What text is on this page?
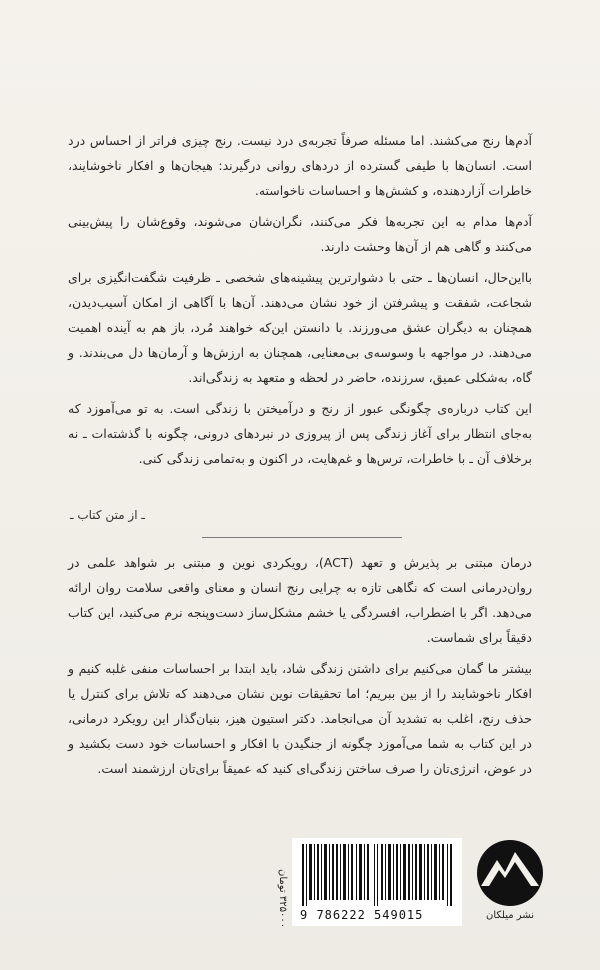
آدم‌ها رنج می‌کشند. اما مسئله صرفاً تجربه‌ی درد نیست. رنج چیزی فراتر از احساس درد است. انسان‌ها با طیفی گسترده از دردهای روانی درگیرند: هیجان‌ها و افکار ناخوشایند، خاطرات آزاردهنده، و کشش‌ها و احساسات ناخواسته.

آدم‌ها مدام به این تجربه‌ها فکر می‌کنند، نگران‌شان می‌شوند، وقوع‌شان را پیش‌بینی می‌کنند و گاهی هم از آن‌ها وحشت دارند.

بااین‌حال، انسان‌ها ـ حتی با دشوارترین پیشینه‌های شخصی ـ ظرفیت شگفت‌انگیزی برای شجاعت، شفقت و پیشرفتن از خود نشان می‌دهند. آن‌ها با آگاهی از امکان آسیب‌دیدن، همچنان به دیگران عشق می‌ورزند. با دانستن این‌که خواهند مُرد، باز هم به آینده اهمیت می‌دهند. در مواجهه با وسوسه‌ی بی‌معنایی، همچنان به ارزش‌ها و آرمان‌ها دل می‌بندند. و گاه، به‌شکلی عمیق، سرزنده، حاضر در لحظه و متعهد به زندگی‌اند.

این کتاب درباره‌ی چگونگی عبور از رنج و درآمیختن با زندگی است. به تو می‌آموزد که به‌جای انتظار برای آغاز زندگی پس از پیروزی در نبردهای درونی، چگونه با گذشته‌ات ـ نه برخلاف آن ـ با خاطرات، ترس‌ها و غم‌هایت، در اکنون و به‌تمامی زندگی کنی.

ـ از متن کتاب ـ

درمان مبتنی بر پذیرش و تعهد (ACT)، رویکردی نوین و مبتنی بر شواهد علمی در روان‌درمانی است که نگاهی تازه به چرایی رنج انسان و معنای واقعی سلامت روان ارائه می‌دهد. اگر با اضطراب، افسردگی یا خشم مشکل‌ساز دست‌وپنجه نرم می‌کنید، این کتاب دقیقاً برای شماست.

بیشتر ما گمان می‌کنیم برای داشتن زندگی شاد، باید ابتدا بر احساسات منفی غلبه کنیم و افکار ناخوشایند را از بین ببریم؛ اما تحقیقات نوین نشان می‌دهند که تلاش برای کنترل یا حذف رنج، اغلب به تشدید آن می‌انجامد. دکتر استیون هیز، بنیان‌گذار این رویکرد درمانی، در این کتاب به شما می‌آموزد چگونه از جنگیدن با افکار و احساسات خود دست بکشید و در عوض، انرژی‌تان را صرف ساختن زندگی‌ای کنید که عمیقاً برای‌تان ارزشمند است.

۳۲۵۰۰۰ تومان 9 786222 549015	نشر میلکان
